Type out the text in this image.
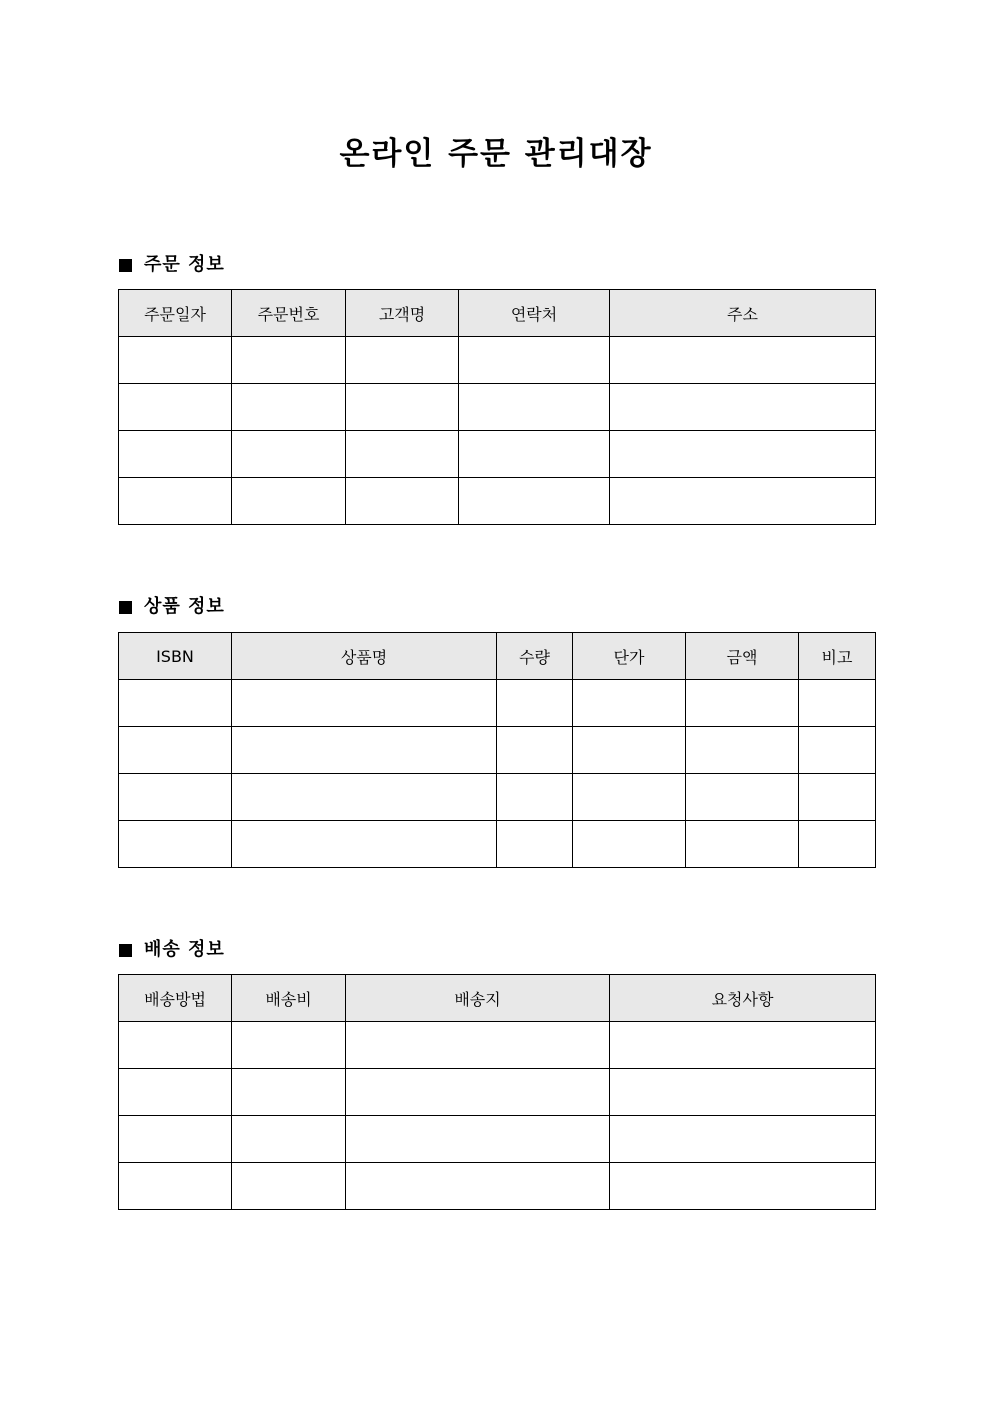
온라인 주문 관리대장
주문 정보
주문일자	주문번호	고객명	연락처	주소

상품 정보
ISBN	상품명	수량	단가	금액	비고

배송 정보
배송방법	배송비	배송지	요청사항
